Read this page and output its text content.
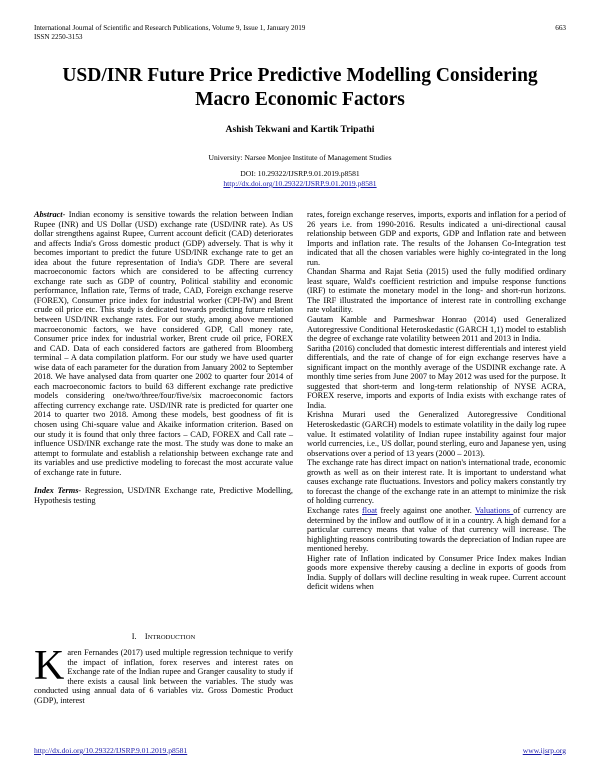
International Journal of Scientific and Research Publications, Volume 9, Issue 1, January 2019
ISSN 2250-3153
663
USD/INR Future Price Predictive Modelling Considering
Macro Economic Factors
Ashish Tekwani and Kartik Tripathi
University: Narsee Monjee Institute of Management Studies
DOI: 10.29322/IJSRP.9.01.2019.p8581
http://dx.doi.org/10.29322/IJSRP.9.01.2019.p8581

Abstract- Indian economy is sensitive towards the relation between Indian Rupee (INR) and US Dollar (USD) exchange rate (USD/INR rate). As US dollar strengthens against Rupee, Current account deficit (CAD) deteriorates and affects India's Gross domestic product (GDP) adversely. That is why it becomes important to predict the future USD/INR exchange rate to get an idea about the future representation of India's GDP. There are several macroeconomic factors which are considered to be affecting currency exchange rate such as GDP of country, Political stability and economic performance, Inflation rate, Terms of trade, CAD, Foreign exchange reserve (FOREX), Consumer price index for industrial worker (CPI-IW) and Brent crude oil price etc. This study is dedicated towards predicting future relation between USD/INR exchange rates. For our study, among above mentioned macroeconomic factors, we have considered GDP, Call money rate, Consumer price index for industrial worker, Brent crude oil price, FOREX and CAD. Data of each considered factors are gathered from Bloomberg terminal – A data compilation platform. For our study we have used quarter wise data of each parameter for the duration from January 2002 to September 2018. We have analysed data from quarter one 2002 to quarter four 2014 of each macroeconomic factors to build 63 different exchange rate predictive models considering one/two/three/four/five/six macroeconomic factors affecting currency exchange rate. USD/INR rate is predicted for quarter one 2014 to quarter two 2018. Among these models, best goodness of fit is chosen using Chi-square value and Akaike information criterion. Based on our study it is found that only three factors – CAD, FOREX and Call rate – influence USD/INR exchange rate the most. The study was done to make an attempt to formulate and establish a relationship between exchange rate and its variables and use predictive modeling to forecast the most accurate value of exchange rate in future.

Index Terms- Regression, USD/INR Exchange rate, Predictive Modelling, Hypothesis testing

I. INTRODUCTION
Karen Fernandes (2017) used multiple regression technique to verify the impact of inflation, forex reserves and interest rates on Exchange rate of the Indian rupee and Granger causality to study if there exists a causal link between the variables. The study was conducted using annual data of 6 variables viz. Gross Domestic Product (GDP), interest

rates, foreign exchange reserves, imports, exports and inflation for a period of 26 years i.e. from 1990-2016. Results indicated a uni-directional causal relationship between GDP and exports, GDP and Inflation rate and between Imports and inflation rate. The results of the Johansen Co-Integration test indicated that all the chosen variables were highly co-integrated in the long run.

Chandan Sharma and Rajat Setia (2015) used the fully modified ordinary least square, Wald's coefficient restriction and impulse response functions (IRF) to estimate the monetary model in the long- and short-run horizons. The IRF illustrated the importance of interest rate in controlling exchange rate volatility.

Gautam Kamble and Parmeshwar Honrao (2014) used Generalized Autoregressive Conditional Heteroskedastic (GARCH 1,1) model to establish the degree of exchange rate volatility between 2011 and 2013 in India.

Saritha (2016) concluded that domestic interest differentials and interest yield differentials, and the rate of change of for eign exchange reserves have a significant impact on the monthly average of the USDINR exchange rate. A monthly time series from June 2007 to May 2012 was used for the purpose. It suggested that short-term and long-term relationship of NYSE ACRA, FOREX reserve, imports and exports of India exists with exchange rates of India.

Krishna Murari used the Generalized Autoregressive Conditional Heteroskedastic (GARCH) models to estimate volatility in the daily log rupee value. It estimated volatility of Indian rupee instability against four major world currencies, i.e., US dollar, pound sterling, euro and Japanese yen, using observations over a period of 13 years (2000 – 2013).

The exchange rate has direct impact on nation's international trade, economic growth as well as on their interest rate. It is important to understand what causes exchange rate fluctuations. Investors and policy makers constantly try to forecast the change of the exchange rate in an attempt to minimize the risk of holding currency.

Exchange rates float freely against one another. Valuations of currency are determined by the inflow and outflow of it in a country. A high demand for a particular currency means that value of that currency will increase. The highlighting reasons contributing towards the depreciation of Indian rupee are mentioned hereby.

Higher rate of Inflation indicated by Consumer Price Index makes Indian goods more expensive thereby causing a decline in exports of goods from India. Supply of dollars will decline resulting in weak rupee. Current account deficit widens when

http://dx.doi.org/10.29322/IJSRP.9.01.2019.p8581	www.ijsrp.org
